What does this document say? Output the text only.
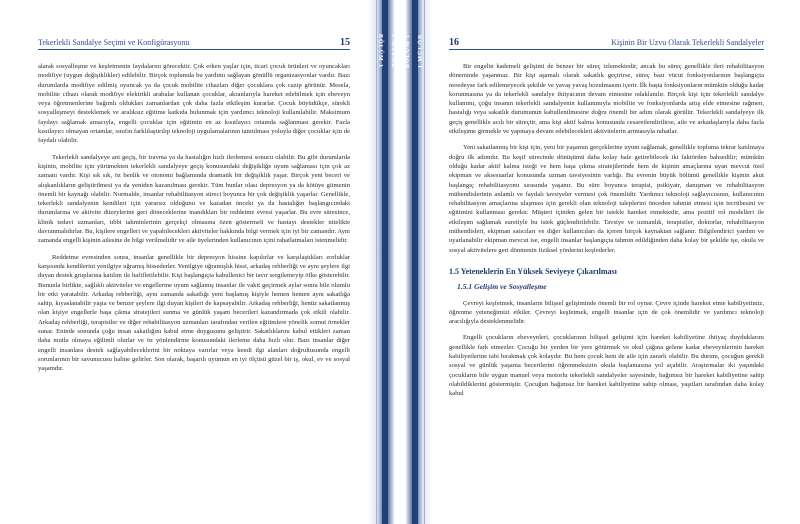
Tekerlekli Sandalye Seçimi ve Konfigürasyonu	15

alarak sosyalleşme ve keşfetmenin faydalarını görecektir. Çok erken yaşlar için, ticari çocuk ürünleri ve oyuncakları modifiye (uygun değişiklikler) edilebilir. Birçok toplumda bu yardımı sağlayan gönüllü organizasyonlar vardır. Bazı durumlarda modifiye edilmiş oyuncak ya da çocuk mobilite cihazları diğer çocuklara çok cazip görünür. Mesela, mobilite cihazı olarak modifiye elektrikli arabalar kullanan çocuklar, akranlarıyla hareket edebilmek için ebeveyn veya öğretmenlerine bağımlı oldukları zamanlardan çok daha fazla etkileşim kurarlar. Çocuk büyüdükçe, sürekli sosyalleşmeyi desteklemek ve aralıksız eğitime katkıda bulunmak için yardımcı teknoloji kullanılabilir. Maksimum faydayı sağlamak amacıyla, engelli çocuklar için eğitimin en az kısıtlayıcı ortamda sağlanması gerekir. Fazla kısıtlayıcı olmayan ortamlar, sınıfın farklılaştırılıp teknoloji uygulamalarının tanıtılması yoluyla diğer çocuklar için de faydalı olabilir.

Tekerlekli sandalyeye ani geçiş, bir travma ya da hastalığın hızlı ilerlemesi sonucu olabilir. Bu gibi durumlarda kişinin, mobilite için yürümekten tekerlekli sandalyeye geçiş konusundaki değişikliğe uyum sağlaması için çok az zamanı vardır. Kişi sık sık, öz benlik ve otonomi bağlamında dramatik bir değişiklik yaşar. Birçok yeni beceri ve alışkanlıkların geliştirilmesi ya da yeniden kazanılması gerekir. Tüm bunlar olası depresyon ya da kötüye gitmenin önemli bir kaynağı olabilir. Normalde, insanlar rehabilitasyon süreci boyunca bir çok değişiklik yaşarlar. Genellikle, tekerlekli sandalyenin kendileri için yararsız olduğunu ve kazadan önceki ya da hastalığın başlangıcındaki durumlarına ve aktivite düzeylerine geri döneceklerine inandıkları bir reddetme evresi yaşarlar. Bu evre süresince, klinik tedavi uzmanları, tıbbi tahminlerinin gerçekçi olmasına özen göstermeli ve hastayı destekler nitelikte davranmalıdırlar. Bu, kişilere engelleri ve yapabilecekleri aktiviteler hakkında bilgi vermek için iyi bir zamandır. Aynı zamanda engelli kişinin ailesine de bilgi verilmelidir ve aile üyelerinden kullanıcının içini rahatlatmaları istenmelidir.

Reddetme evresinden sonra, insanlar genellikle bir depresyon hissine kapılırlar ve karşılaştıkları zorluklar karşısında kendilerini yenilgiye uğramış hissederler. Yenilgiye uğramışlık hissi, arkadaş rehberliği ve aynı şeylere ilgi duyan destek gruplarına katılım ile hafifletilebilir. Kişi başlangıçta kabullenici bir tavır sergilemeyip öfke gösterebilir. Bununla birlikte, sağlıklı aktiviteler ve engellerine uyum sağlamış insanlar ile vakit geçirmek aylar sonra bile olumlu bir etki yaratabilir. Arkadaş rehberliği, aynı zamanda sakatlığı yeni başlamış kişiyle hemen hemen aynı sakatlığa sahip, kıyaslanabilir yaşta ve benzer şeylere ilgi duyan kişileri de kapsayabilir. Arkadaş rehberliği, henüz sakatlanmış olan kişiye engellerle başa çıkma stratejileri sunma ve günlük yaşam becerileri kazandırmada çok etkili olabilir. Arkadaş rehberliği, terapistler ve diğer rehabilitasyon uzmanları tarafından verilen eğitimlere yönelik somut örnekler sunar. Eninde sonunda çoğu insan sakatlığını kabul etme duygusunu geliştirir. Sakatlıklarını kabul ettikleri zaman daha mutlu olmaya eğilimli olurlar ve öz yönlendirme konusundaki ilerleme daha hızlı olur. Bazı insanlar diğer engelli insanlara destek sağlayabileceklerini bir noktaya varırlar veya kendi ilgi alanları doğrultusunda engelli sorunlarının bir savunucusu haline gelirler. Son olarak, başarılı uyumun en iyi ölçüsü güzel bir iş, okul, ev ve sosyal yaşamdır.

BÖLÜM 1 1 MÜLÖB BÖLÜM 1 1 MÜLÖB	16	Kişinin Bir Uzvu Olarak Tekerlekli Sandalyeler

Bir engelin kademeli gelişimi de benzer bir süreç izlemektedir, ancak bu süreç genellikle ileri rehabilitasyon döneminde yaşanmaz. Bir kişi aşamalı olarak sakatlık geçirirse, süreç bazı vücut fonksiyonlarının başlangıçta neredeyse fark edilemeyecek şekilde ve yavaş yavaş bozulmasını içerir. İlk başta fonksiyonların mümkün olduğu kadar korunmasına ya da tekerlekli sandalye ihtiyacının devam etmesine odaklanılır. Birçok kişi için tekerlekli sandalye kullanımı, çoğu insanın tekerlekli sandalyenin kullanımıyla mobilite ve fonksiyonlarda artış elde etmesine rağmen, hastalığı veya sakatlık durumunun kabullenilmesine doğru önemli bir adım olarak görülür. Tekerlekli sandalyeye ilk geçiş genellikle acılı bir süreçtir, ama kişi aktif kalma konusunda cesaretlendirilirse, aile ve arkadaşlarıyla daha fazla etkileşime girmekle ve yapmaya devam edebilecekleri aktivitelerin artmasıyla rahatlar.

Yeni sakatlanmış bir kişi için, yeni bir yaşamın gerçeklerine uyum sağlamak, genellikle topluma tekrar katılmaya doğru ilk adımdır. Bu keşif sürecinde dönüşümü daha kolay hale getirebilecek iki faktörden bahsedilir; mümkün olduğu kadar aktif kalma isteği ve hem başa çıkma stratejilerinde hem de kişinin amaçlarına uyan mevcut özel ekipman ve aksesuarlar konusunda uzman tavsiyesinin varlığı. Bu evrenin büyük bölümü genellikle kişinin akut başlangıç rehabilitasyonu sırasında yaşanır. Bu süre boyunca terapist, psikiyatr, danışman ve rehabilitasyon mühendislerinin anlamlı ve faydalı tavsiyeler vermesi çok önemlidir. Yardımcı teknoloji sağlayıcısının, kullanıcının rehabilitasyon amaçlarına ulaşması için gerekli olan teknoloji taleplerini önceden tahmin etmesi için tecrübesini ve eğitimini kullanması gerekir. Müşteri içinden gelen bir istekle hareket etmektedir, ama pozitif rol modelleri ile etkileşim sağlamak suretiyle bu istek güçlendirilebilir. Tavsiye ve uzmanlık, terapistler, doktorlar, rehabilitasyon mühendisleri, ekipman satıcıları ve diğer kullanıcıları da içeren birçok kaynaktan sağlanır. Bilgilendirici yardım ve uyarlanabilir ekipman mevcut ise, engelli insanlar başlangıçta tahmin edildiğinden daha kolay bir şekilde işe, okula ve sosyal aktivitelere geri dönmenin fiziksel yönlerini keşfederler.

1.5 Yeteneklerin En Yüksek Seviyeye Çıkarılması
1.5.1 Gelişim ve Sosyalleşme

Çevreyi keşfetmek, insanların bilişsel gelişiminde önemli bir rol oynar. Çevre içinde hareket etme kabiliyetimiz, öğrenme yeteneğimizi etkiler. Çevreyi keşfetmek, engelli insanlar için de çok önemlidir ve yardımcı teknoloji aracılığıyla desteklenmelidir.

Engelli çocukların ebeveynleri, çocuklarının bilişsel gelişimi için hareket kabiliyetine ihtiyaç duyduklarını genellikle fark etmezler. Çocuğu bir yerden bir yere götürmek ve okul çağına gelene kadar ebeveynlerinin hareket kabiliyetlerine tabi bırakmak çok kolaydır. Bu hem çocuk hem de aile için zararlı olabilir. Bu durum, çocuğun gerekli sosyal ve günlük yaşama becerilerini öğrenmeksizin okula başlamasına yol açabilir. Araştırmalar iki yaşındaki çocukların bile uygun manuel veya motorlu tekerlekli sandalyeler sayesinde, bağımsız bir hareket kabiliyetine sahip olabildiklerini göstermiştir. Çocuğun bağımsız bir hareket kabiliyetine sahip olması, yaşıtları tarafından daha kolay kabul
